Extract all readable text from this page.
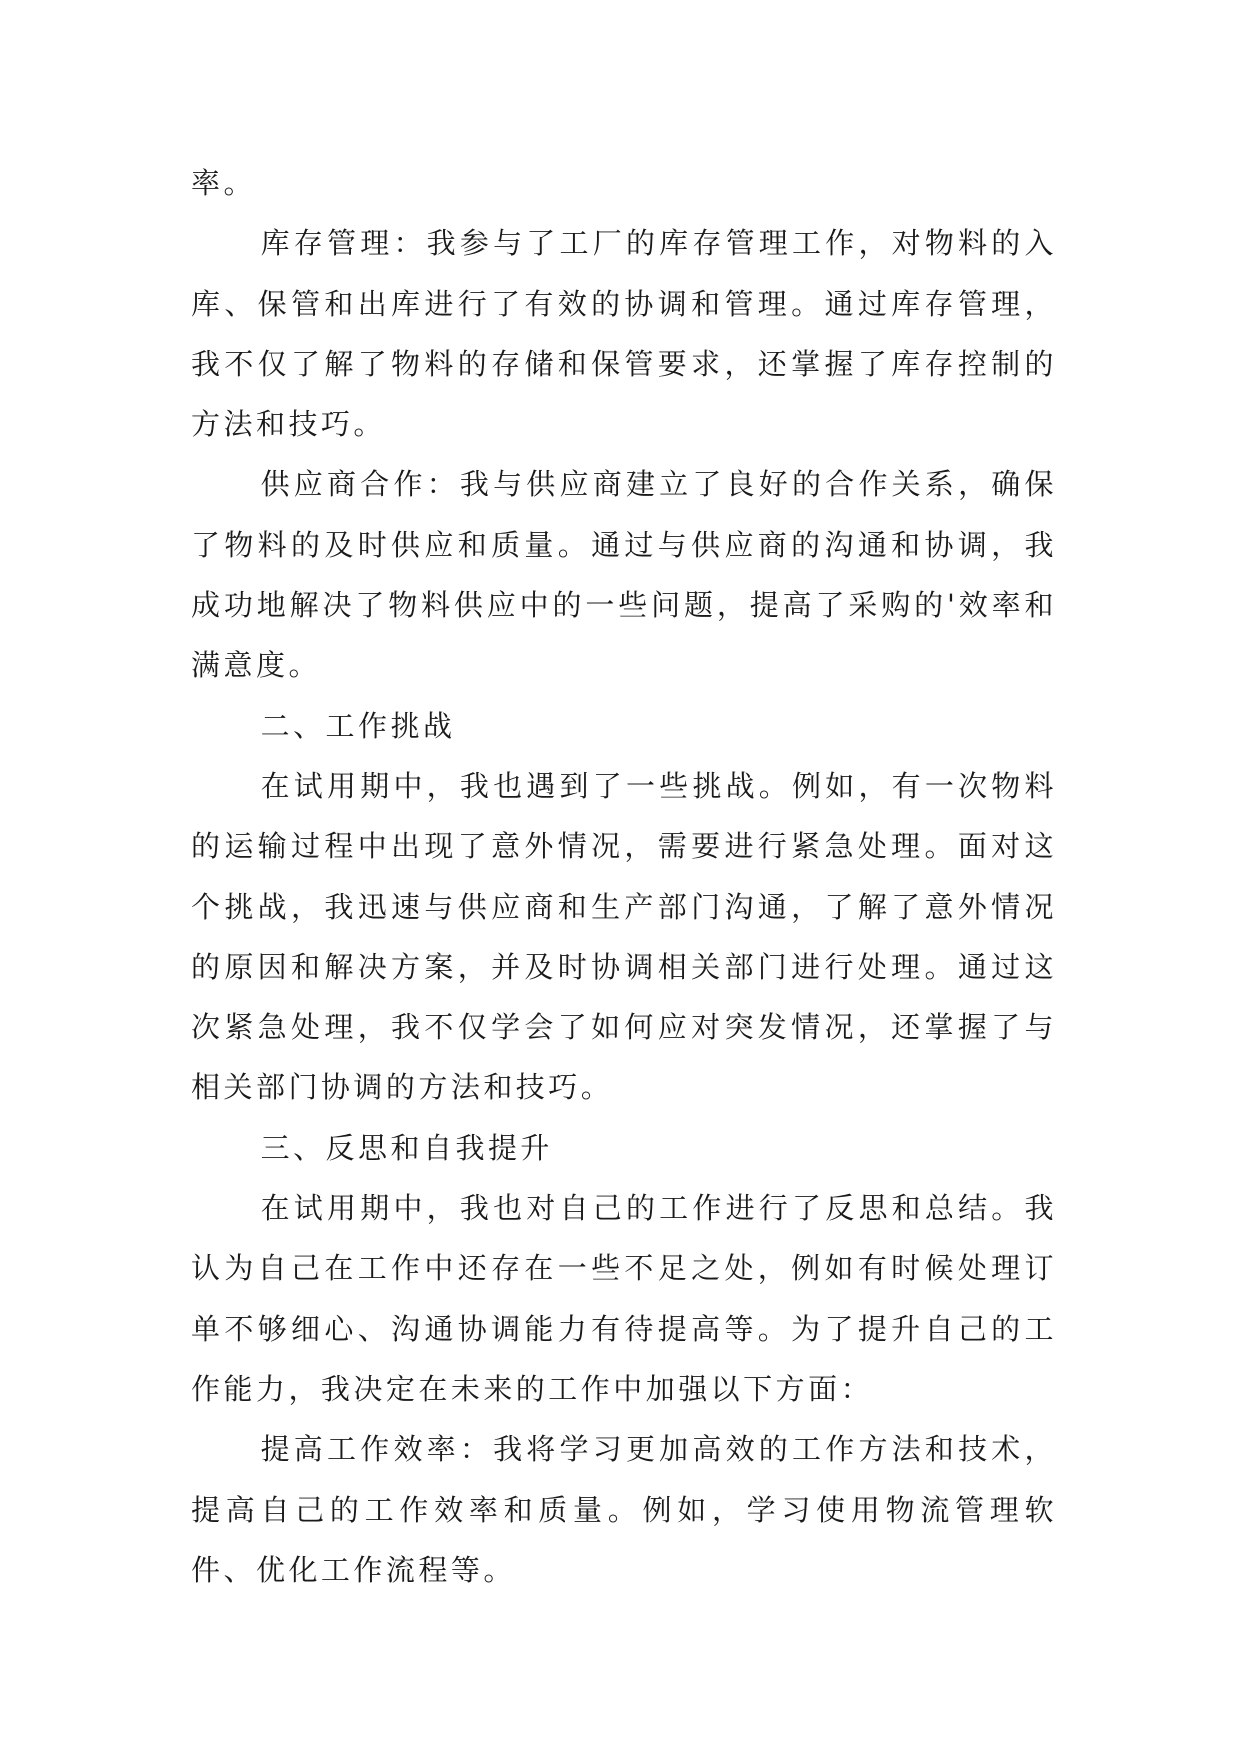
率。

库存管理：我参与了工厂的库存管理工作，对物料的入库、保管和出库进行了有效的协调和管理。通过库存管理，我不仅了解了物料的存储和保管要求，还掌握了库存控制的方法和技巧。

供应商合作：我与供应商建立了良好的合作关系，确保了物料的及时供应和质量。通过与供应商的沟通和协调，我成功地解决了物料供应中的一些问题，提高了采购的'效率和满意度。

二、工作挑战

在试用期中，我也遇到了一些挑战。例如，有一次物料的运输过程中出现了意外情况，需要进行紧急处理。面对这个挑战，我迅速与供应商和生产部门沟通，了解了意外情况的原因和解决方案，并及时协调相关部门进行处理。通过这次紧急处理，我不仅学会了如何应对突发情况，还掌握了与相关部门协调的方法和技巧。

三、反思和自我提升

在试用期中，我也对自己的工作进行了反思和总结。我认为自己在工作中还存在一些不足之处，例如有时候处理订单不够细心、沟通协调能力有待提高等。为了提升自己的工作能力，我决定在未来的工作中加强以下方面：

提高工作效率：我将学习更加高效的工作方法和技术，提高自己的工作效率和质量。例如，学习使用物流管理软件、优化工作流程等。
